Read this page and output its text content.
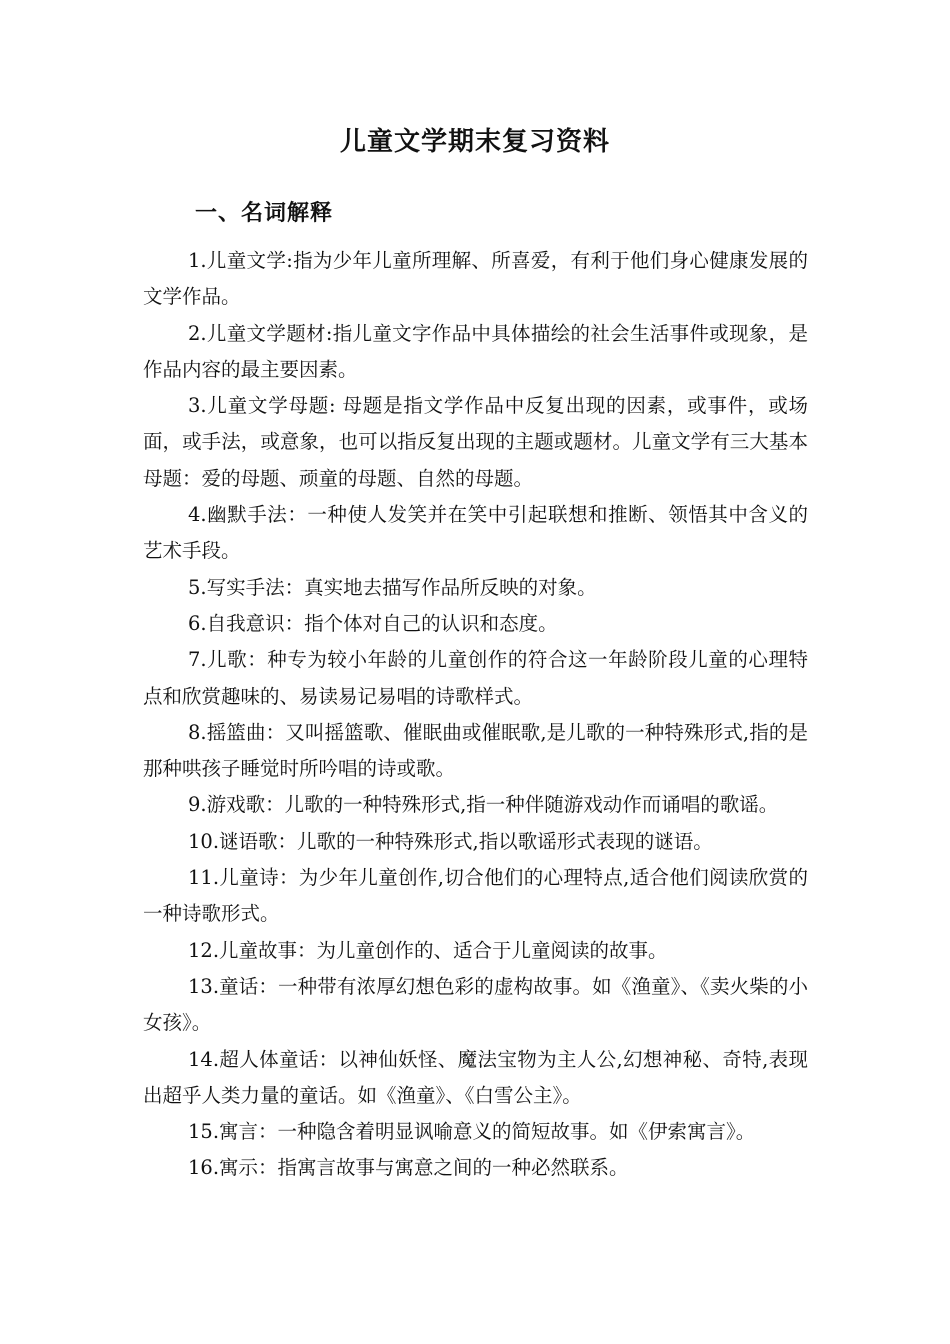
儿童文学期末复习资料
一、名词解释

1.儿童文学:指为少年儿童所理解、所喜爱，有利于他们身心健康发展的文学作品。

2.儿童文学题材:指儿童文字作品中具体描绘的社会生活事件或现象，是作品内容的最主要因素。

3.儿童文学母题: 母题是指文学作品中反复出现的因素，或事件，或场面，或手法，或意象，也可以指反复出现的主题或题材。儿童文学有三大基本母题：爱的母题、顽童的母题、自然的母题。

4.幽默手法：一种使人发笑并在笑中引起联想和推断、领悟其中含义的艺术手段。

5.写实手法：真实地去描写作品所反映的对象。

6.自我意识：指个体对自己的认识和态度。

7.儿歌：种专为较小年龄的儿童创作的符合这一年龄阶段儿童的心理特点和欣赏趣味的、易读易记易唱的诗歌样式。

8.摇篮曲：又叫摇篮歌、催眠曲或催眠歌,是儿歌的一种特殊形式,指的是那种哄孩子睡觉时所吟唱的诗或歌。

9.游戏歌：儿歌的一种特殊形式,指一种伴随游戏动作而诵唱的歌谣。

10.谜语歌：儿歌的一种特殊形式,指以歌谣形式表现的谜语。

11.儿童诗：为少年儿童创作,切合他们的心理特点,适合他们阅读欣赏的一种诗歌形式。

12.儿童故事：为儿童创作的、适合于儿童阅读的故事。

13.童话：一种带有浓厚幻想色彩的虚构故事。如《渔童》、《卖火柴的小女孩》。

14.超人体童话：以神仙妖怪、魔法宝物为主人公,幻想神秘、奇特,表现出超乎人类力量的童话。如《渔童》、《白雪公主》。

15.寓言：一种隐含着明显讽喻意义的简短故事。如《伊索寓言》。

16.寓示：指寓言故事与寓意之间的一种必然联系。
